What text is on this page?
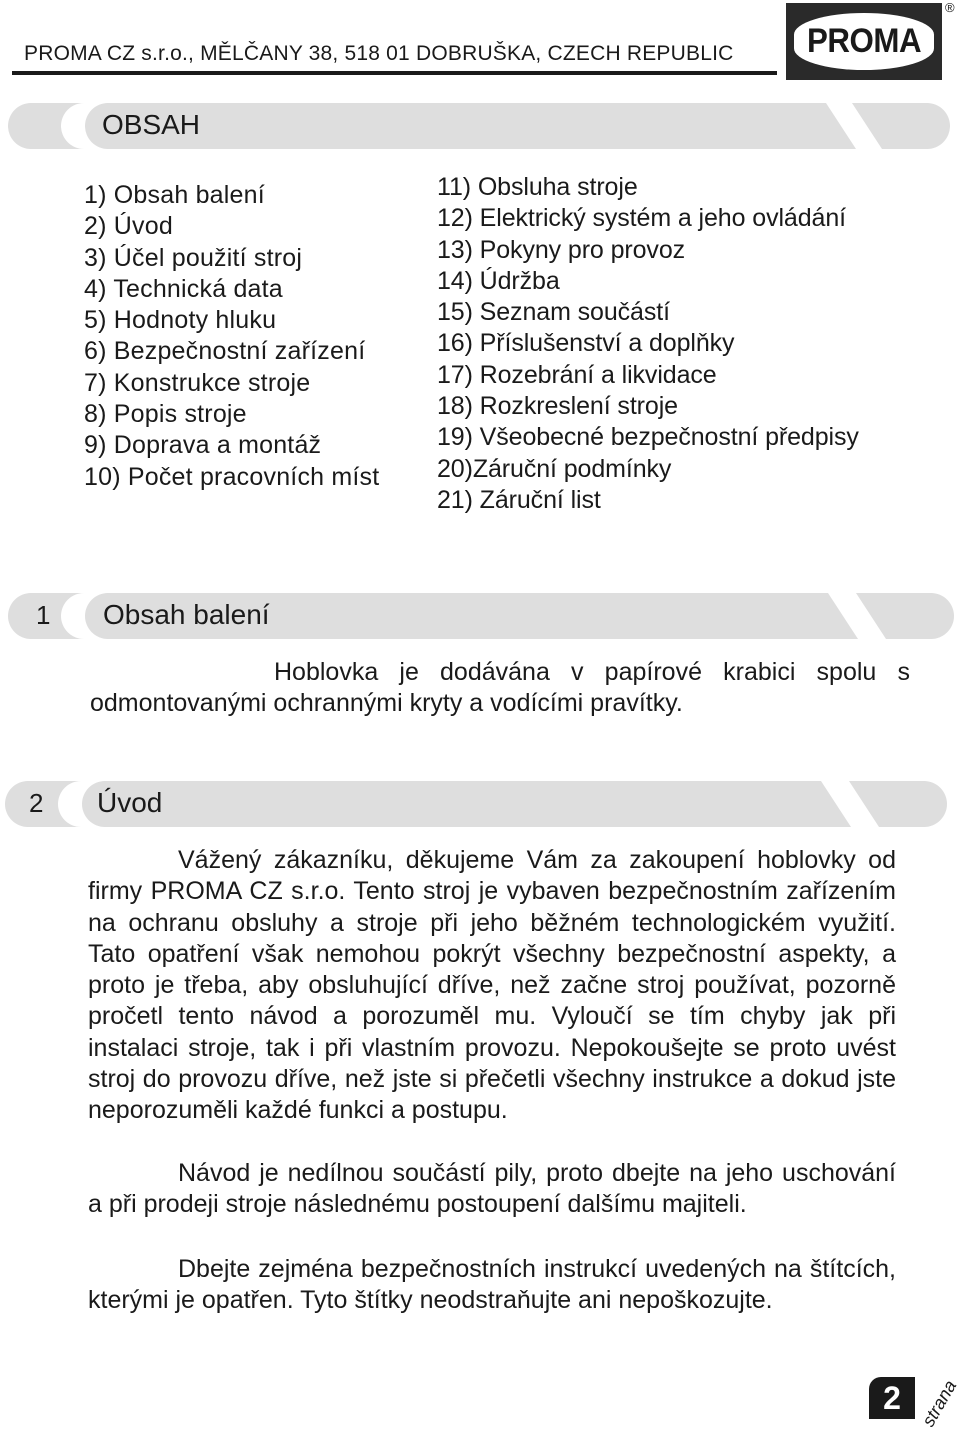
PROMA CZ s.r.o., MĚLČANY 38, 518 01 DOBRUŠKA, CZECH REPUBLIC PROMA
®
OBSAH
1) Obsah balení
2) Úvod
3) Účel použití stroj
4) Technická data
5) Hodnoty hluku
6) Bezpečnostní zařízení
7) Konstrukce stroje
8) Popis stroje
9) Doprava a montáž
10) Počet pracovních míst
11) Obsluha stroje
12) Elektrický systém a jeho ovládání
13) Pokyny pro provoz
14) Údržba
15) Seznam součástí
16) Příslušenství a doplňky
17) Rozebrání a likvidace
18) Rozkreslení stroje
19) Všeobecné bezpečnostní předpisy
20)Záruční podmínky
21) Záruční list
1 Obsah balení

Hoblovka je dodávána v papírové krabici spolu s odmontovanými ochrannými kryty a vodícími pravítky.

2 Úvod

Vážený zákazníku, děkujeme Vám za zakoupení hoblovky od firmy PROMA CZ s.r.o. Tento stroj je vybaven bezpečnostním zařízením na ochranu obsluhy a stroje při jeho běžném technologickém využití. Tato opatření však nemohou pokrýt všechny bezpečnostní aspekty, a proto je třeba, aby obsluhující dříve, než začne stroj používat, pozorně pročetl tento návod a porozuměl mu. Vyloučí se tím chyby jak při instalaci stroje, tak i při vlastním provozu. Nepokoušejte se proto uvést stroj do provozu dříve, než jste si přečetli všechny instrukce a dokud jste neporozuměli každé funkci a postupu.

Návod je nedílnou součástí pily, proto dbejte na jeho uschování a při prodeji stroje následnému postoupení dalšímu majiteli.

Dbejte zejména bezpečnostních instrukcí uvedených na štítcích, kterými je opatřen. Tyto štítky neodstraňujte ani nepoškozujte.

2 strana
